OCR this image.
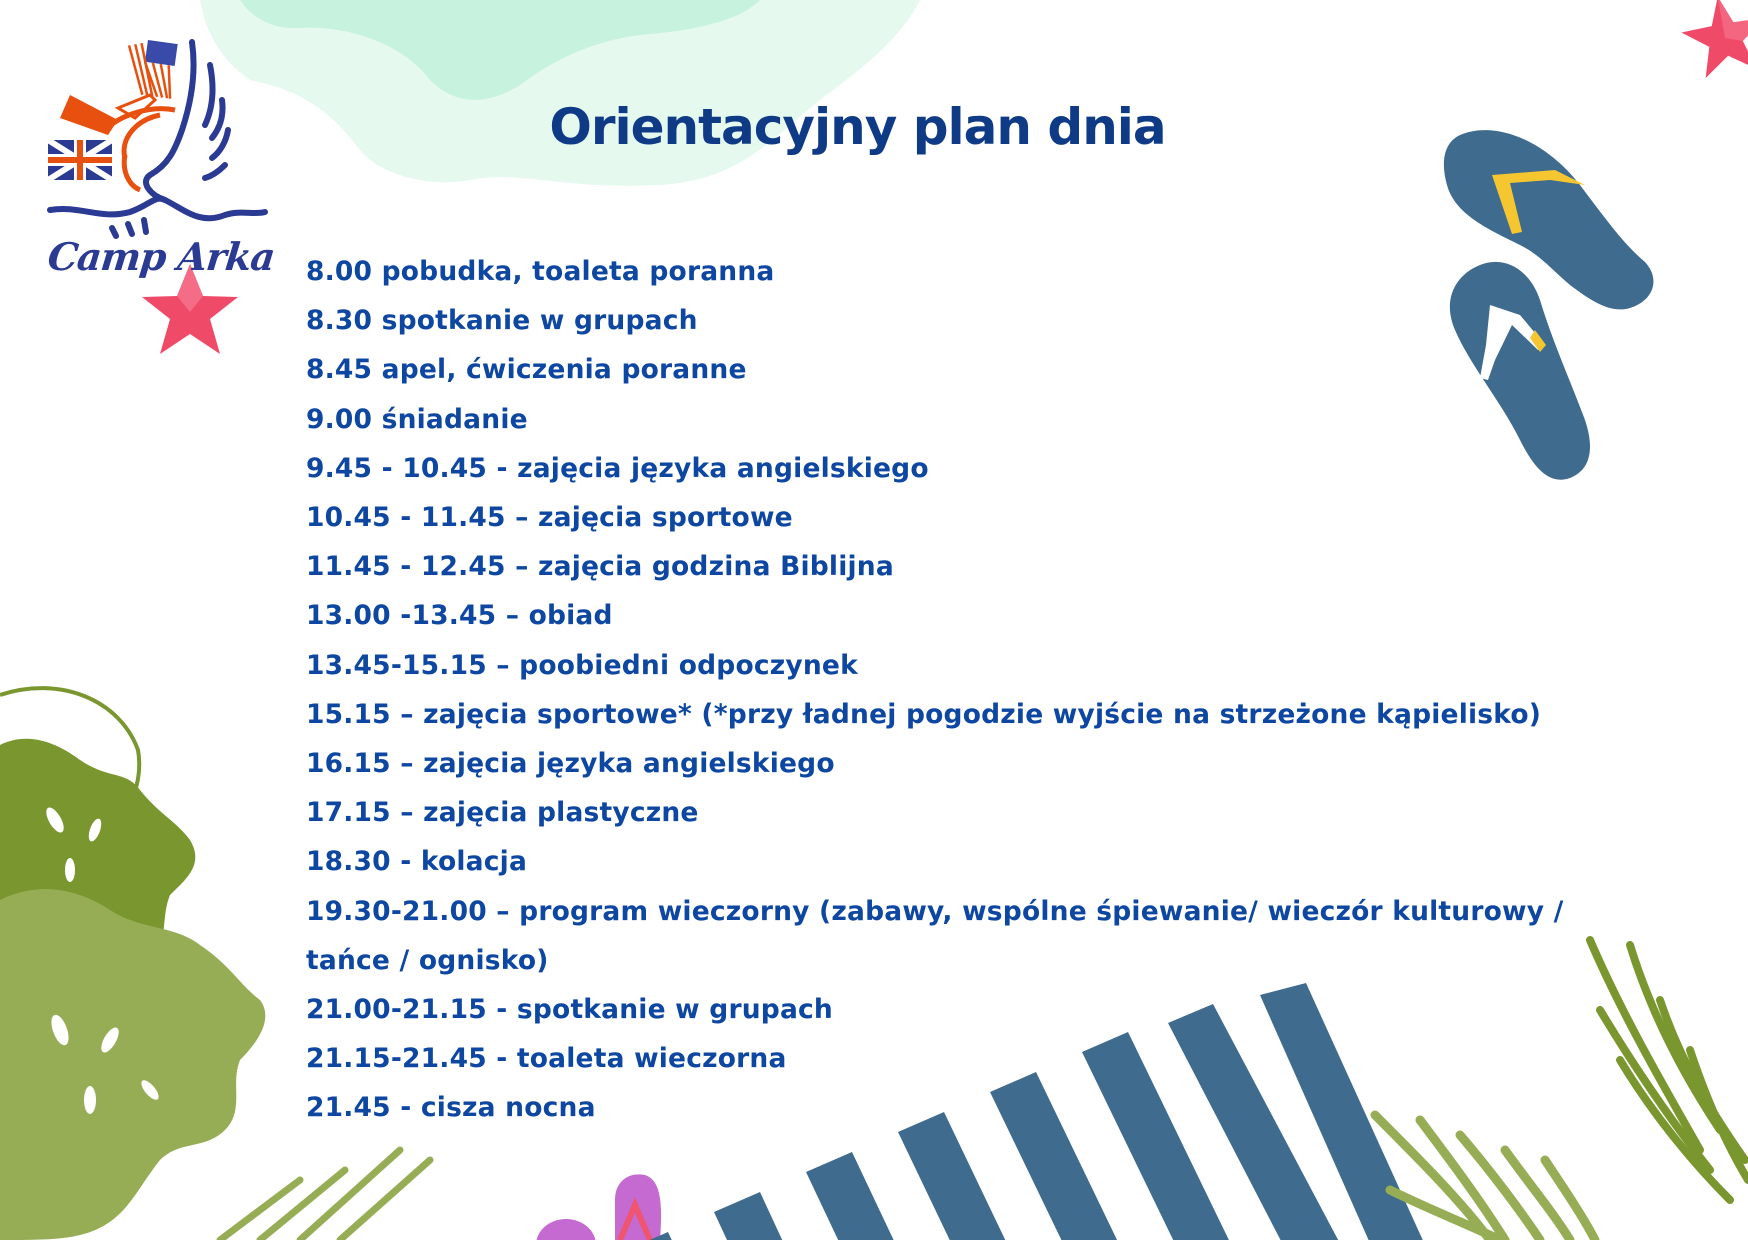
Camp Arka
Orientacyjny plan dnia
8.00 pobudka, toaleta poranna
8.30 spotkanie w grupach
8.45 apel, ćwiczenia poranne
9.00 śniadanie
9.45 - 10.45 - zajęcia języka angielskiego
10.45 - 11.45 – zajęcia sportowe
11.45 - 12.45 – zajęcia godzina Biblijna
13.00 -13.45 – obiad
13.45-15.15 – poobiedni odpoczynek
15.15 – zajęcia sportowe* (*przy ładnej pogodzie wyjście na strzeżone kąpielisko)
16.15 – zajęcia języka angielskiego
17.15 – zajęcia plastyczne
18.30 - kolacja
19.30-21.00 – program wieczorny (zabawy, wspólne śpiewanie/ wieczór kulturowy / tańce / ognisko)
21.00-21.15 - spotkanie w grupach
21.15-21.45 - toaleta wieczorna
21.45 - cisza nocna
